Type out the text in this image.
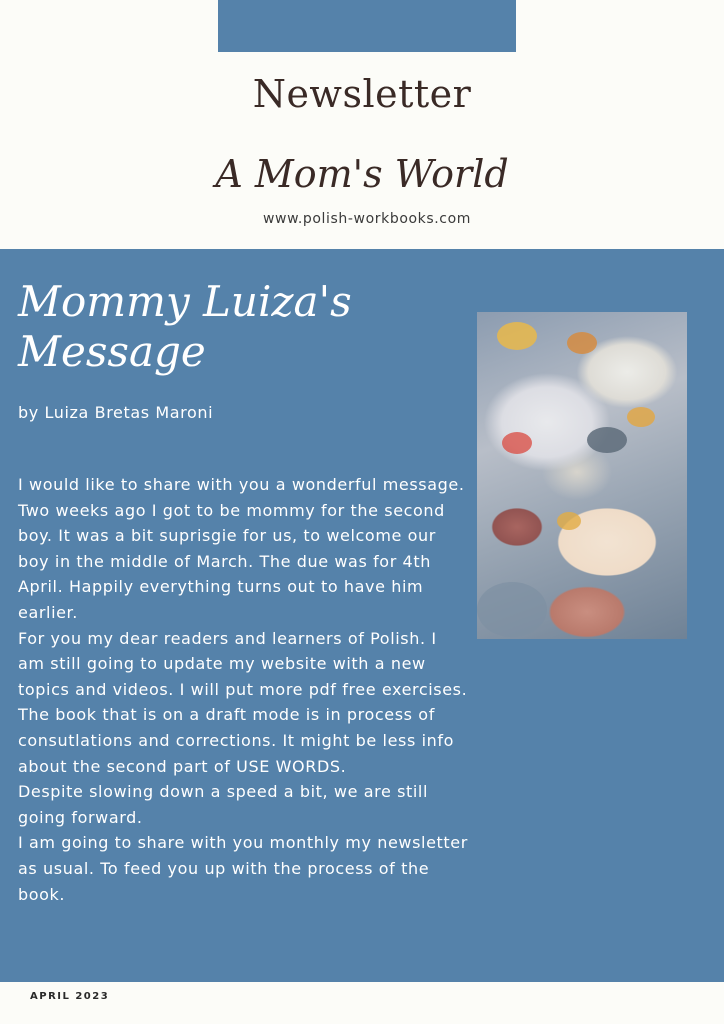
Newsletter
A Mom's World
www.polish-workbooks.com
Mommy Luiza's Message
by Luiza Bretas Maroni
I would like to share with you a wonderful message. Two weeks ago I got to be mommy for the second boy. It was a bit suprisgie for us, to welcome our boy in the middle of March. The due was for 4th April. Happily everything turns out to have him earlier.
For you my dear readers and learners of Polish. I am still going to update my website with a new topics and videos. I will put more pdf free exercises.
The book that is on a draft mode is in process of consutlations and corrections. It might be less info about the second part of USE WORDS.
Despite slowing down a speed a bit, we are still going forward.
I am going to share with you monthly my newsletter as usual. To feed you up with the process of the book.
APRIL 2023
